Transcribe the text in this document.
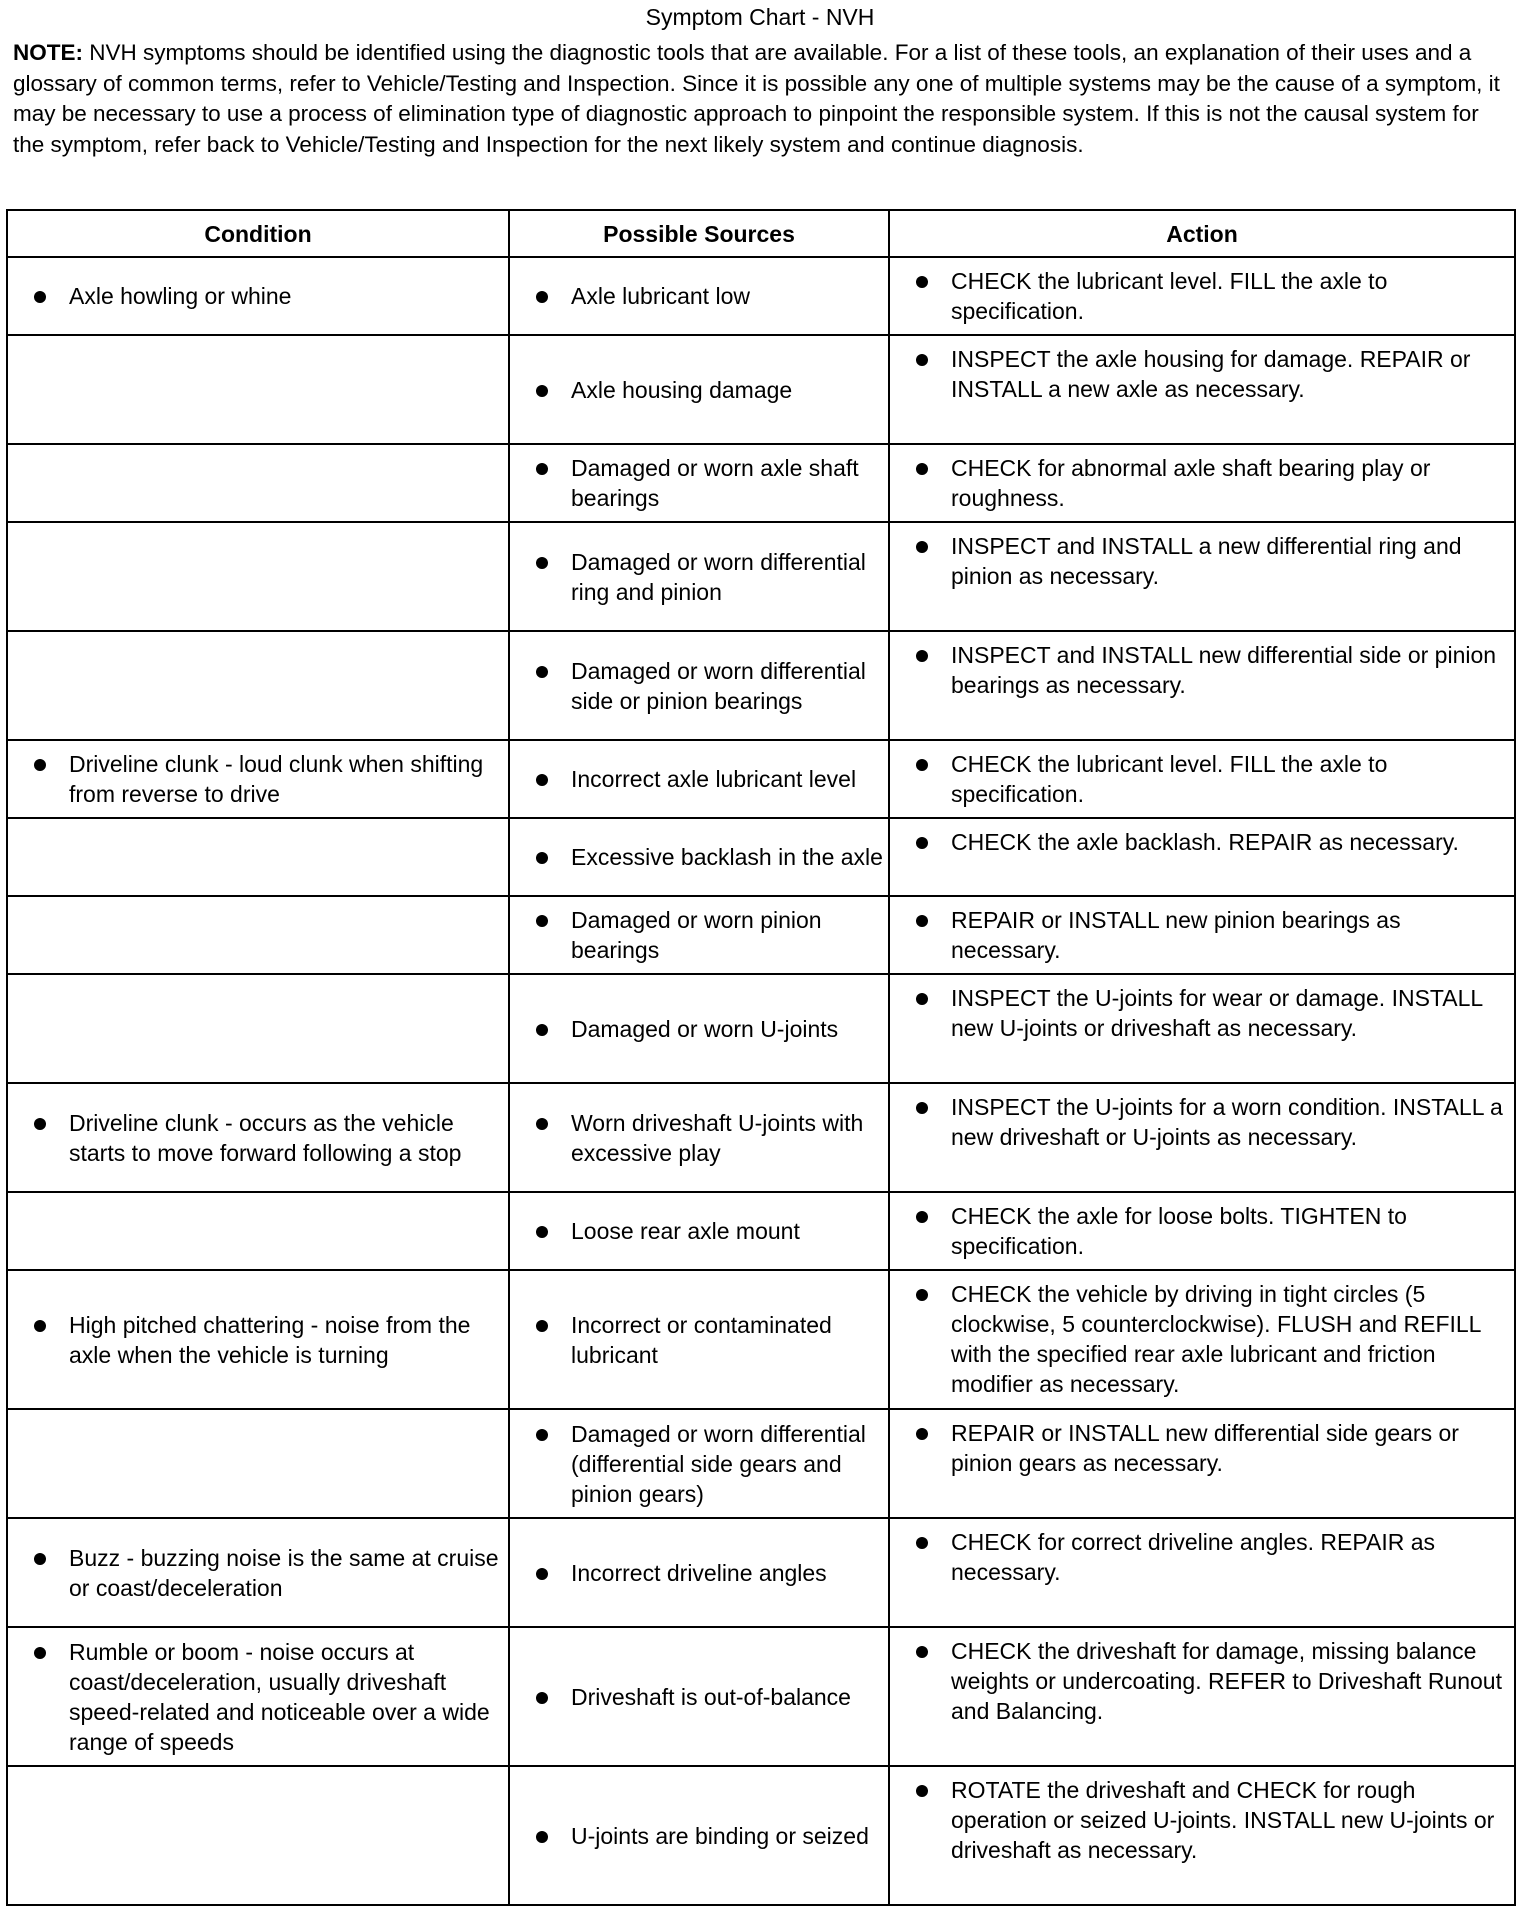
Symptom Chart - NVH
NOTE: NVH symptoms should be identified using the diagnostic tools that are available. For a list of these tools, an explanation of their uses and a glossary of common terms, refer to Vehicle/Testing and Inspection. Since it is possible any one of multiple systems may be the cause of a symptom, it may be necessary to use a process of elimination type of diagnostic approach to pinpoint the responsible system. If this is not the causal system for the symptom, refer back to Vehicle/Testing and Inspection for the next likely system and continue diagnosis.
Condition	Possible Sources	Action

Axle howling or whine	Axle lubricant low	CHECK the lubricant level. FILL the axle to specification.

	Axle housing damage	INSPECT the axle housing for damage. REPAIR or INSTALL a new axle as necessary.

	Damaged or worn axle shaft bearings	CHECK for abnormal axle shaft bearing play or roughness.

	Damaged or worn differential ring and pinion	INSPECT and INSTALL a new differential ring and pinion as necessary.

	Damaged or worn differential side or pinion bearings	INSPECT and INSTALL new differential side or pinion bearings as necessary.

Driveline clunk - loud clunk when shifting from reverse to drive	Incorrect axle lubricant level	CHECK the lubricant level. FILL the axle to specification.

	Excessive backlash in the axle	CHECK the axle backlash. REPAIR as necessary.

	Damaged or worn pinion bearings	REPAIR or INSTALL new pinion bearings as necessary.

	Damaged or worn U-joints	INSPECT the U-joints for wear or damage. INSTALL new U-joints or driveshaft as necessary.

Driveline clunk - occurs as the vehicle starts to move forward following a stop	Worn driveshaft U-joints with excessive play	INSPECT the U-joints for a worn condition. INSTALL a new driveshaft or U-joints as necessary.

	Loose rear axle mount	CHECK the axle for loose bolts. TIGHTEN to specification.

High pitched chattering - noise from the axle when the vehicle is turning	Incorrect or contaminated lubricant	CHECK the vehicle by driving in tight circles (5 clockwise, 5 counterclockwise). FLUSH and REFILL with the specified rear axle lubricant and friction modifier as necessary.

	Damaged or worn differential (differential side gears and pinion gears)	REPAIR or INSTALL new differential side gears or pinion gears as necessary.

Buzz - buzzing noise is the same at cruise or coast/deceleration	Incorrect driveline angles	CHECK for correct driveline angles. REPAIR as necessary.

Rumble or boom - noise occurs at coast/deceleration, usually driveshaft speed-related and noticeable over a wide range of speeds	Driveshaft is out-of-balance	CHECK the driveshaft for damage, missing balance weights or undercoating. REFER to Driveshaft Runout and Balancing.

	U-joints are binding or seized	ROTATE the driveshaft and CHECK for rough operation or seized U-joints. INSTALL new U-joints or driveshaft as necessary.
